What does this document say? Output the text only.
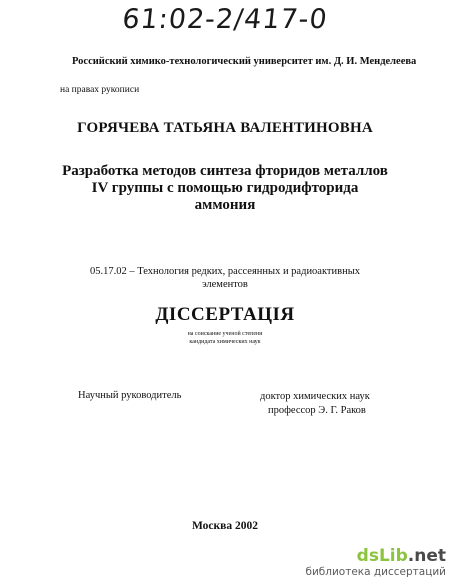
61:02-2/417-0
Российский химико-технологический университет им. Д. И. Менделеева
на правах рукописи
ГОРЯЧЕВА ТАТЬЯНА ВАЛЕНТИНОВНА
Разработка методов синтеза фторидов металлов
IV группы с помощью гидродифторида
аммония
05.17.02 – Технология редких, рассеянных и радиоактивных
элементов
ДІССЕРТАЦІЯ
на соискание ученой степени
кандидата химических наук
Научный руководитель	доктор химических наук
профессор Э. Г. Раков
Москва 2002
dsLib .net
библиотека диссертаций
